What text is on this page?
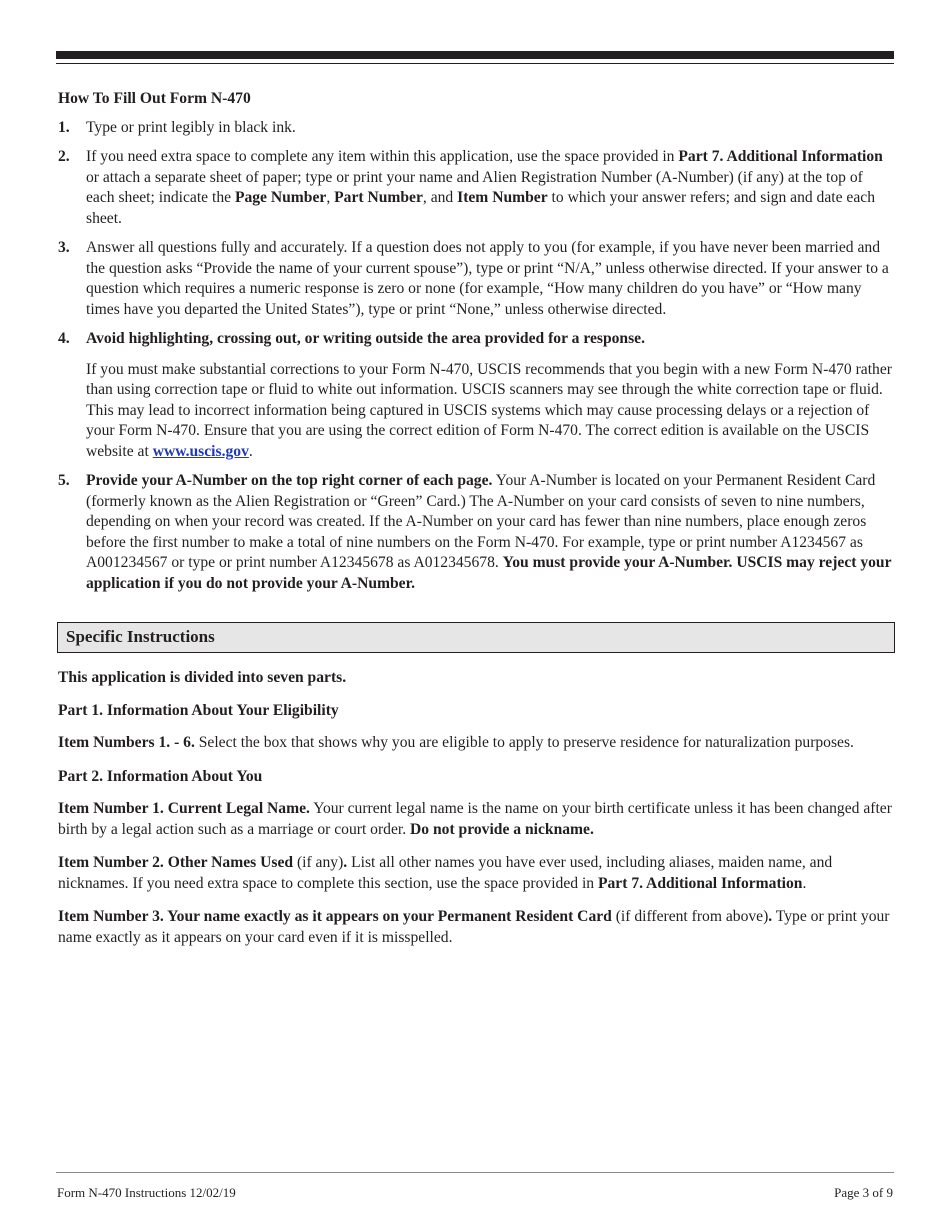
How To Fill Out Form N-470
1.	Type or print legibly in black ink.
2.	If you need extra space to complete any item within this application, use the space provided in Part 7. Additional Information or attach a separate sheet of paper; type or print your name and Alien Registration Number (A-Number) (if any) at the top of each sheet; indicate the Page Number, Part Number, and Item Number to which your answer refers; and sign and date each sheet.
3.	Answer all questions fully and accurately. If a question does not apply to you (for example, if you have never been married and the question asks “Provide the name of your current spouse”), type or print “N/A,” unless otherwise directed. If your answer to a question which requires a numeric response is zero or none (for example, “How many children do you have” or “How many times have you departed the United States”), type or print “None,” unless otherwise directed.
4.	Avoid highlighting, crossing out, or writing outside the area provided for a response.
If you must make substantial corrections to your Form N-470, USCIS recommends that you begin with a new Form N-470 rather than using correction tape or fluid to white out information. USCIS scanners may see through the white correction tape or fluid. This may lead to incorrect information being captured in USCIS systems which may cause processing delays or a rejection of your Form N-470. Ensure that you are using the correct edition of Form N-470. The correct edition is available on the USCIS website at www.uscis.gov.
5.	Provide your A-Number on the top right corner of each page. Your A-Number is located on your Permanent Resident Card (formerly known as the Alien Registration or “Green” Card.) The A-Number on your card consists of seven to nine numbers, depending on when your record was created. If the A-Number on your card has fewer than nine numbers, place enough zeros before the first number to make a total of nine numbers on the Form N-470. For example, type or print number A1234567 as A001234567 or type or print number A12345678 as A012345678. You must provide your A-Number. USCIS may reject your application if you do not provide your A-Number.
Specific Instructions
This application is divided into seven parts.
Part 1. Information About Your Eligibility
Item Numbers 1. - 6. Select the box that shows why you are eligible to apply to preserve residence for naturalization purposes.
Part 2. Information About You
Item Number 1. Current Legal Name. Your current legal name is the name on your birth certificate unless it has been changed after birth by a legal action such as a marriage or court order. Do not provide a nickname.
Item Number 2. Other Names Used (if any). List all other names you have ever used, including aliases, maiden name, and nicknames. If you need extra space to complete this section, use the space provided in Part 7. Additional Information.
Item Number 3. Your name exactly as it appears on your Permanent Resident Card (if different from above). Type or print your name exactly as it appears on your card even if it is misspelled.
Form N-470 Instructions 12/02/19	Page 3 of 9
